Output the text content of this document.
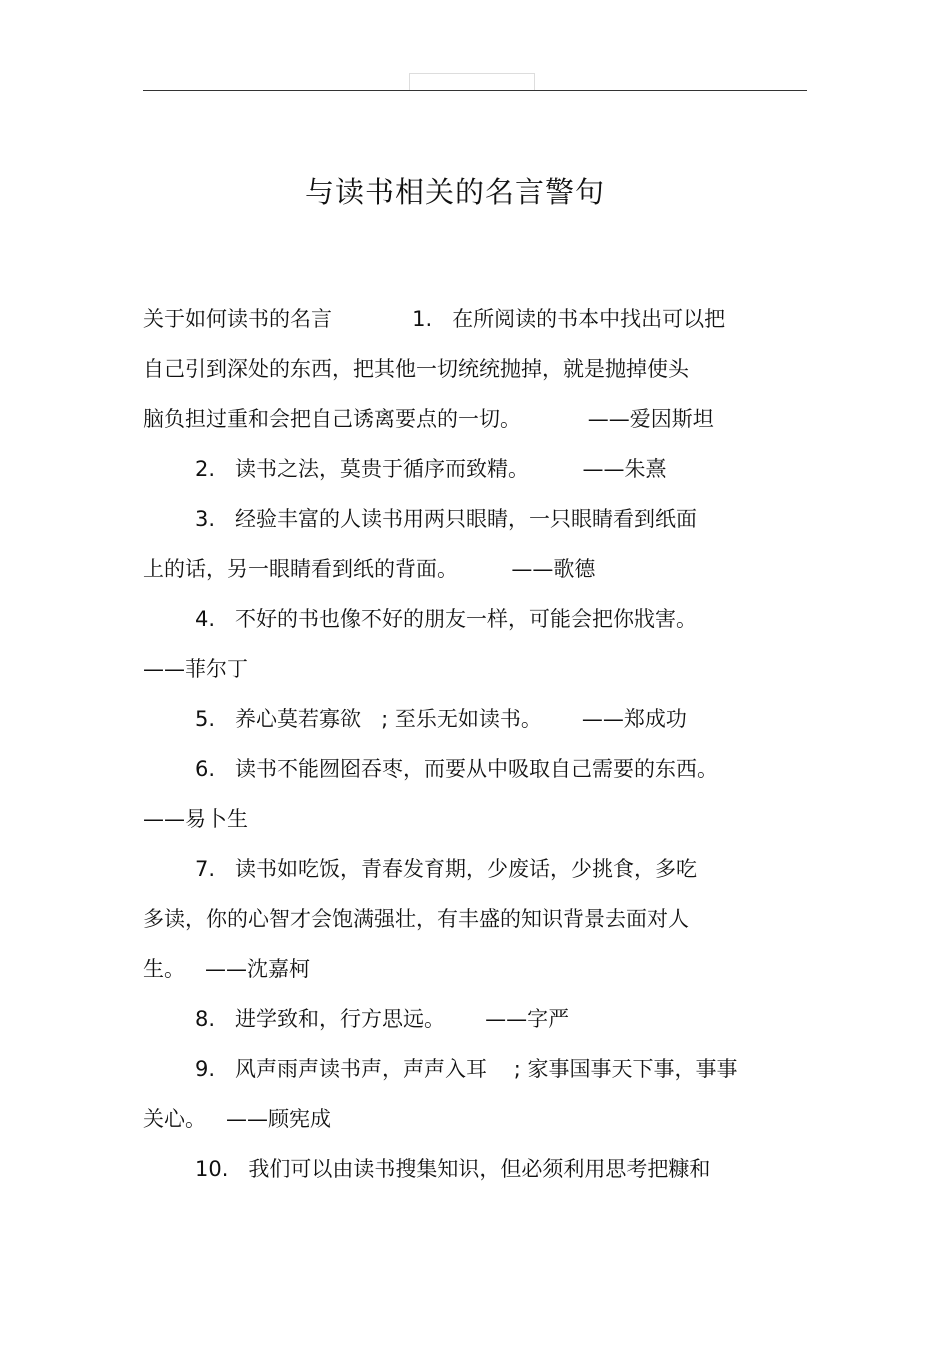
与读书相关的名言警句
关于如何读书的名言            1.   在所阅读的书本中找出可以把
自己引到深处的东西，把其他一切统统抛掉，就是抛掉使头
脑负担过重和会把自己诱离要点的一切。          ——爱因斯坦
2.   读书之法，莫贵于循序而致精。        ——朱熹
3.   经验丰富的人读书用两只眼睛，一只眼睛看到纸面
上的话，另一眼睛看到纸的背面。        ——歌德
4.   不好的书也像不好的朋友一样，可能会把你戕害。
——菲尔丁
5.   养心莫若寡欲   ; 至乐无如读书。      ——郑成功
6.   读书不能囫囵吞枣，而要从中吸取自己需要的东西。
——易卜生
7.   读书如吃饭，青春发育期，少废话，少挑食，多吃
多读，你的心智才会饱满强壮，有丰盛的知识背景去面对人
生。   ——沈嘉柯
8.   进学致和，行方思远。      ——字严
9.   风声雨声读书声，声声入耳    ; 家事国事天下事，事事
关心。   ——顾宪成
10.   我们可以由读书搜集知识，但必须利用思考把糠和
